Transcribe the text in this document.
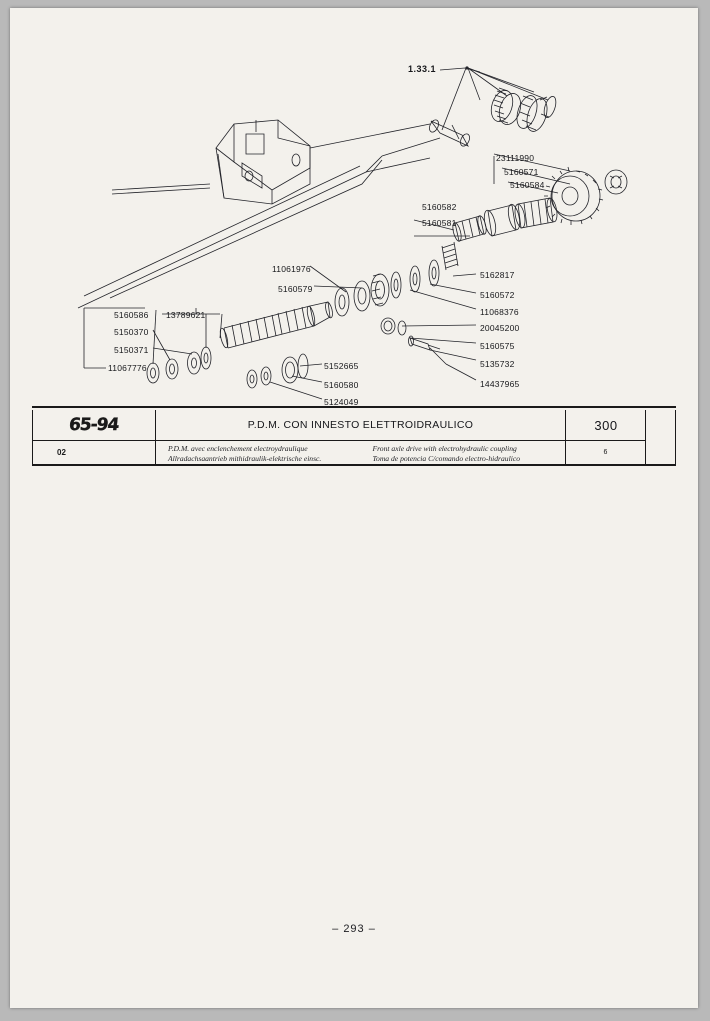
1.33.1
23111990
5160571
5160584
5160582
5160581
11061976
5160579
5162817
5160572
11068376
20045200
5160575
5135732
14437965
5160586 13789621
5150370
5150371
11067776	5152665
5160580
5124049
65-94
02
P.D.M. CON INNESTO ELETTROIDRAULICO
P.D.M. avec enclenchement electroydraulique
Allradachsaantrieb mithidraulik-elektrische einsc.
Front axle drive with electrohydraulic coupling
Toma de potencia C/comando electro-hidraulico
300
6
– 293 –
